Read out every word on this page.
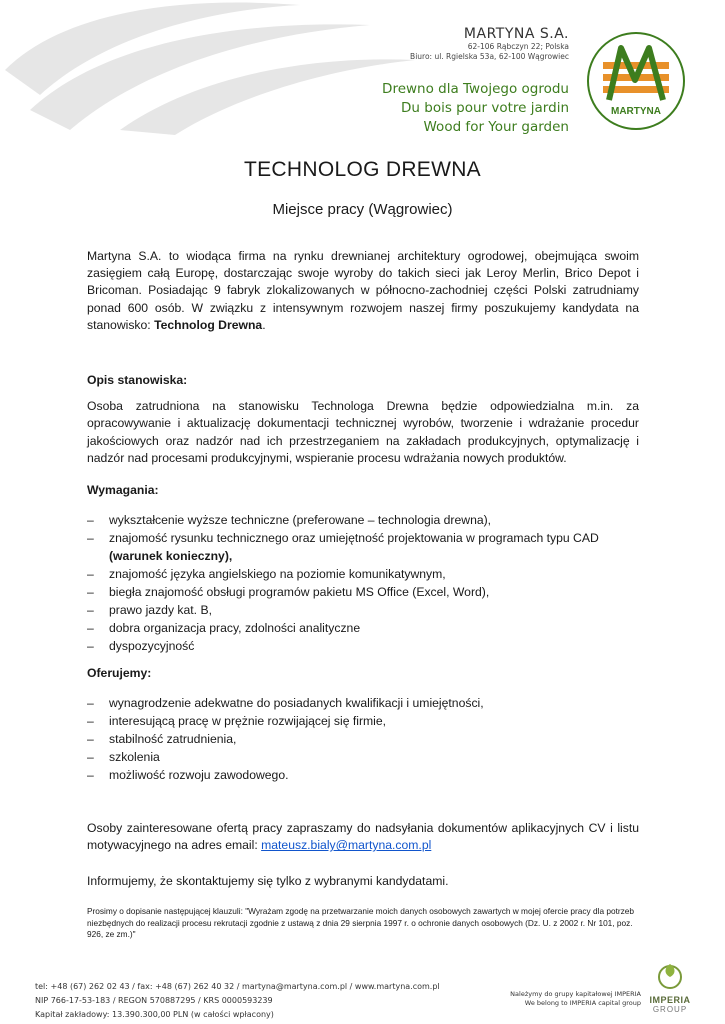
MARTYNA S.A.
62-106 Rąbczyn 22; Polska
Biuro: ul. Rgielska 53a, 62-100 Wągrowiec
Drewno dla Twojego ogrodu
Du bois pour votre jardin
Wood for Your garden
MARTYNA
TECHNOLOG DREWNA
Miejsce pracy (Wągrowiec)
Martyna S.A. to wiodąca firma na rynku drewnianej architektury ogrodowej, obejmująca swoim zasięgiem całą Europę, dostarczając swoje wyroby do takich sieci jak Leroy Merlin, Brico Depot i Bricoman. Posiadając 9 fabryk zlokalizowanych w północno-zachodniej części Polski zatrudniamy ponad 600 osób. W związku z intensywnym rozwojem naszej firmy poszukujemy kandydata na stanowisko: Technolog Drewna.
Opis stanowiska:
Osoba zatrudniona na stanowisku Technologa Drewna będzie odpowiedzialna m.in. za opracowywanie i aktualizację dokumentacji technicznej wyrobów, tworzenie i wdrażanie procedur jakościowych oraz nadzór nad ich przestrzeganiem na zakładach produkcyjnych, optymalizację i nadzór nad procesami produkcyjnymi, wspieranie procesu wdrażania nowych produktów.
Wymagania:
– wykształcenie wyższe techniczne (preferowane – technologia drewna),
– znajomość rysunku technicznego oraz umiejętność projektowania w programach typu CAD
(warunek konieczny),
– znajomość języka angielskiego na poziomie komunikatywnym,
– biegła znajomość obsługi programów pakietu MS Office (Excel, Word),
– prawo jazdy kat. B,
– dobra organizacja pracy, zdolności analityczne
– dyspozycyjność
Oferujemy:
– wynagrodzenie adekwatne do posiadanych kwalifikacji i umiejętności,
– interesującą pracę w prężnie rozwijającej się firmie,
– stabilność zatrudnienia,
– szkolenia
– możliwość rozwoju zawodowego.
Osoby zainteresowane ofertą pracy zapraszamy do nadsyłania dokumentów aplikacyjnych CV i listu motywacyjnego na adres email: mateusz.bialy@martyna.com.pl
Informujemy, że skontaktujemy się tylko z wybranymi kandydatami.
Prosimy o dopisanie następującej klauzuli: "Wyrażam zgodę na przetwarzanie moich danych osobowych zawartych w mojej ofercie pracy dla potrzeb niezbędnych do realizacji procesu rekrutacji zgodnie z ustawą z dnia 29 sierpnia 1997 r. o ochronie danych osobowych (Dz. U. z 2002 r. Nr 101, poz. 926, ze zm.)"
tel: +48 (67) 262 02 43 / fax: +48 (67) 262 40 32 / martyna@martyna.com.pl / www.martyna.com.pl
NIP 766-17-53-183 / REGON 570887295 / KRS 0000593239
Kapitał zakładowy: 13.390.300,00 PLN (w całości wpłacony)
Należymy do grupy kapitałowej IMPERIA
We belong to IMPERIA capital group IMPERIA
GROUP
